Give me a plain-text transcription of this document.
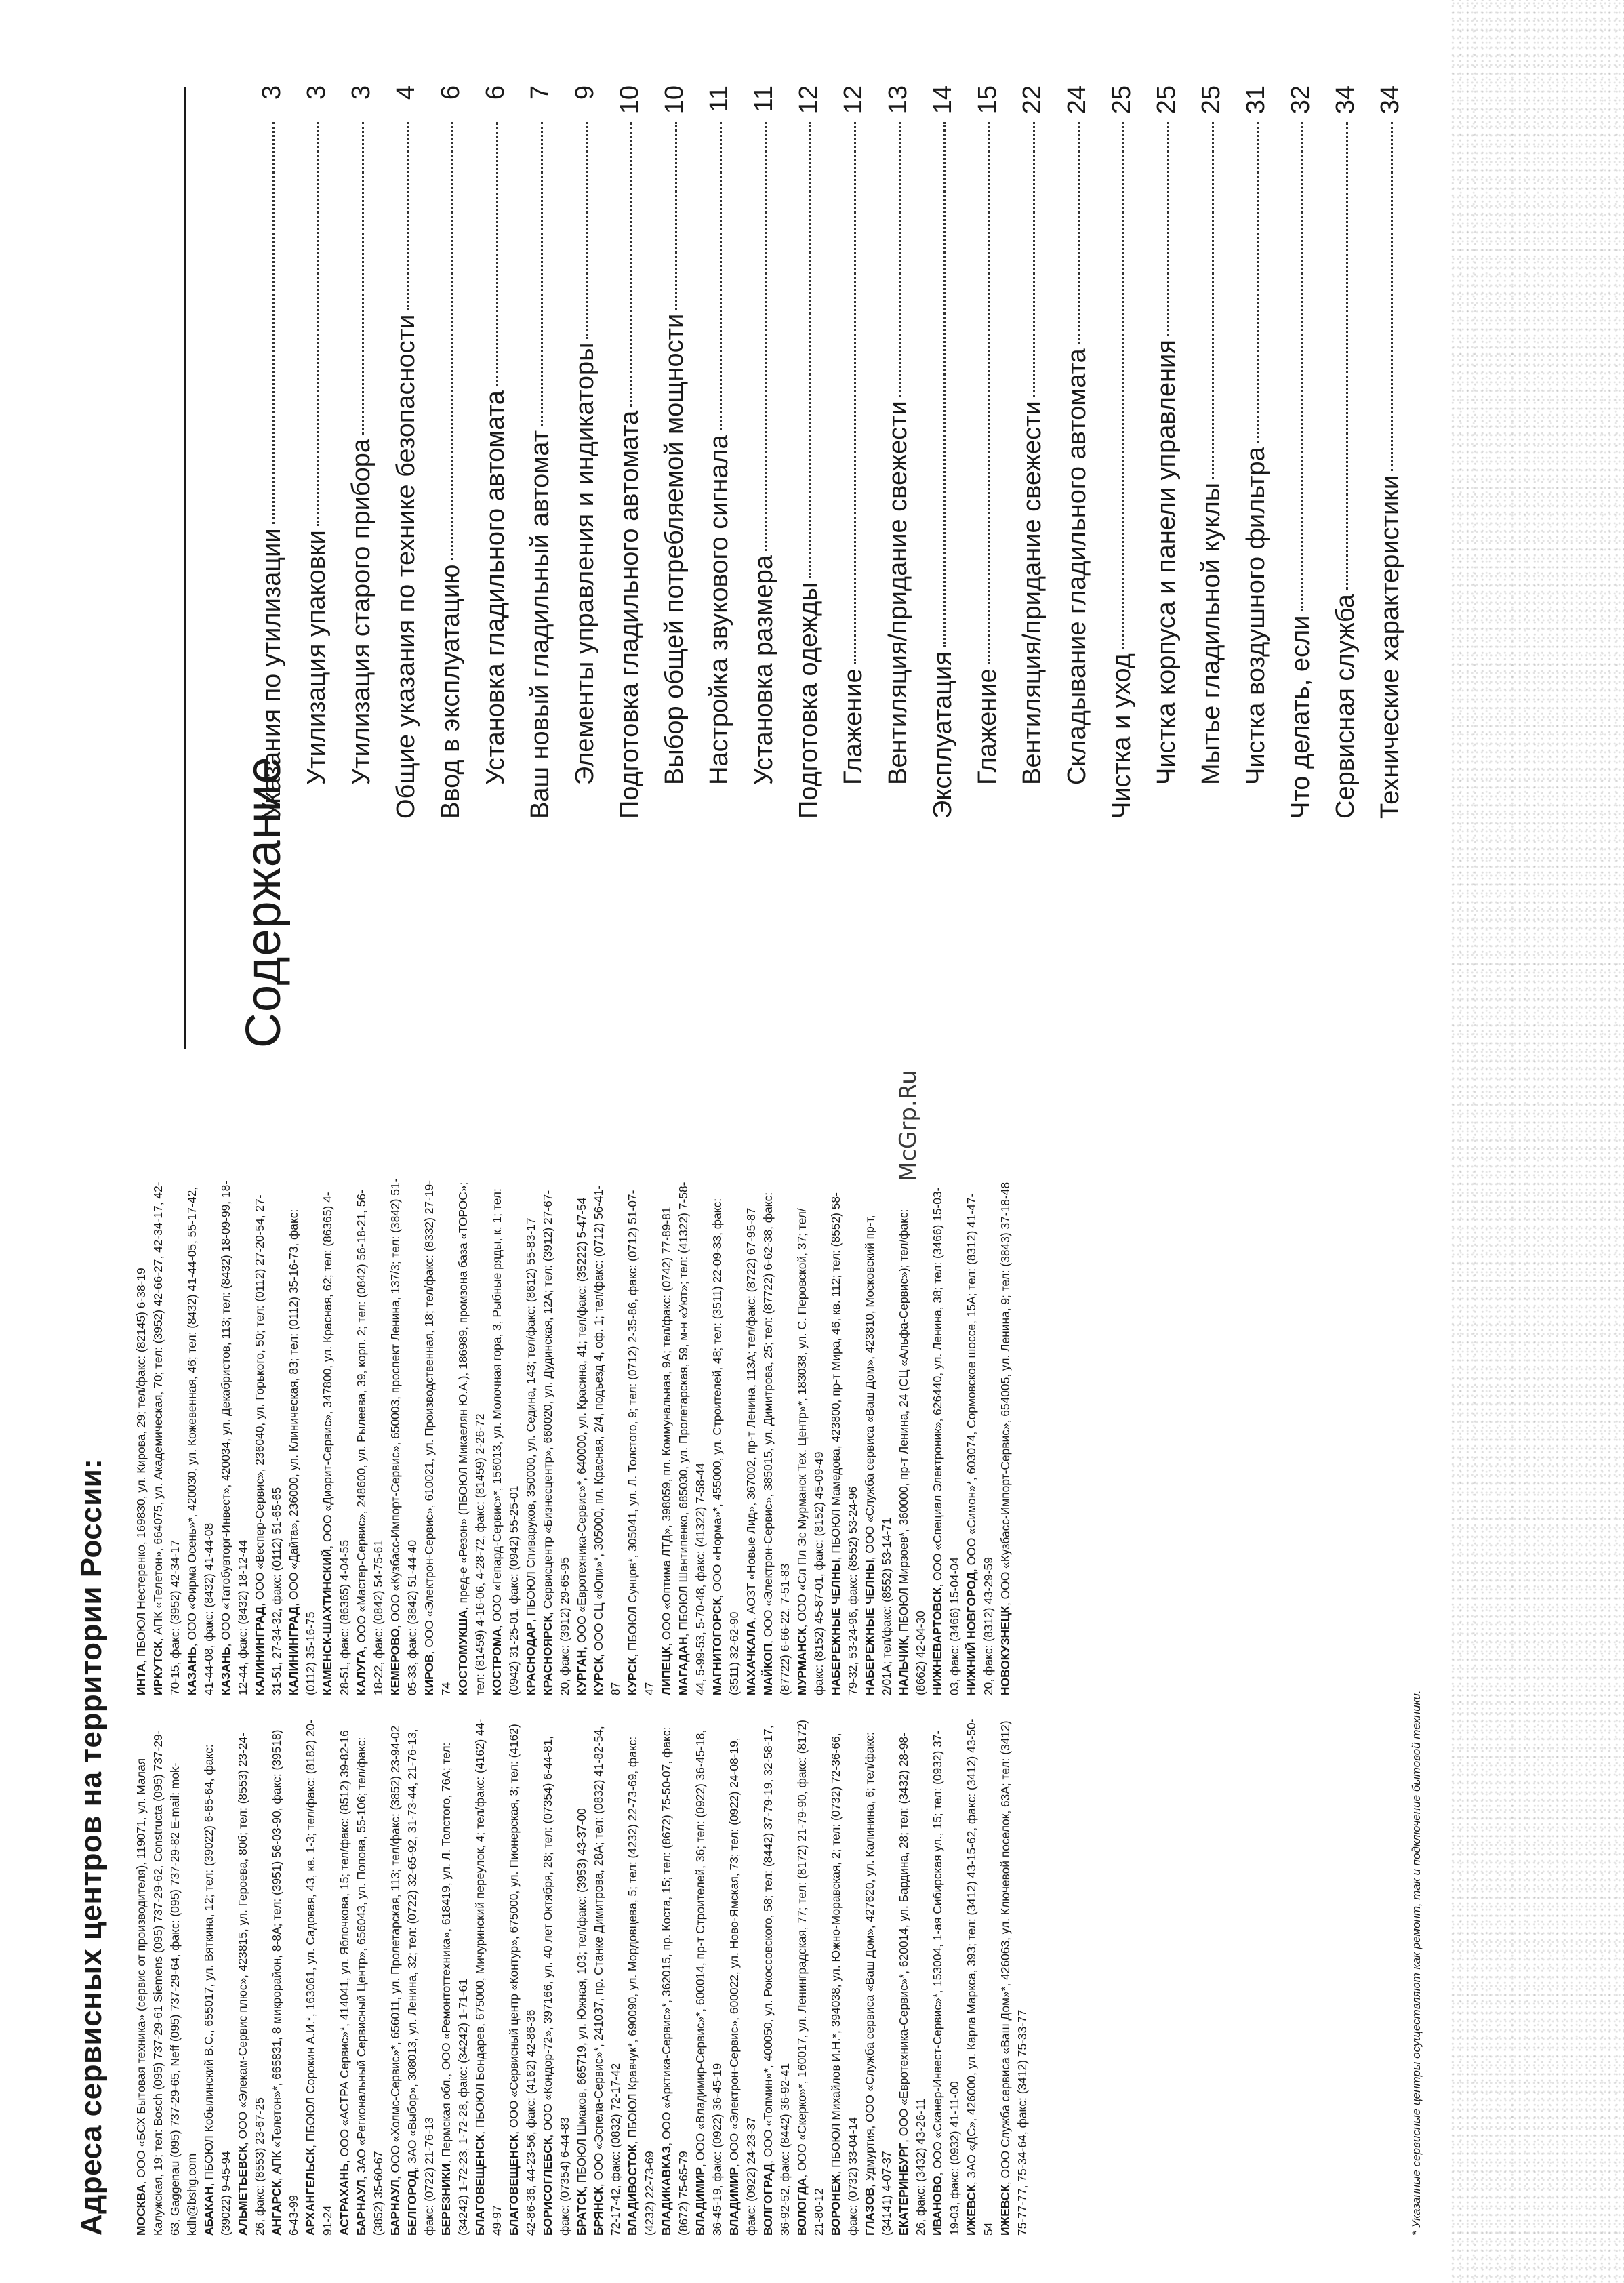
Адреса сервисных центров на территории России: МОСКВА, ООО «БСХ Бытовая техника» (сервис от производителя), 119071, ул. Малая Калужская, 19; тел: Bosch (095) 737-29-61 Siemens (095) 737-29-62, Constructa (095) 737-29-63, Gaggenau (095) 737-29-65, Neff (095) 737-29-64, факс: (095) 737-29-82 E-mail: mok-kdh@bshg.com АБАКАН, ПБОЮЛ Кобылинский В.С., 655017, ул. Вяткина, 12; тел: (39022) 6-65-64, факс: (39022) 9-45-94 АЛЬМЕТЬЕВСК, ООО «Элекам-Сервис плюс», 423815, ул. Героева, 80б; тел: (8553) 23-24-26, факс: (8553) 23-67-25 АНГАРСК, АПК «Телетон»*, 665831, 8 микрорайон, 8-8А; тел: (3951) 56-03-90, факс: (39518) 6-43-99 АРХАНГЕЛЬСК, ПБОЮЛ Сорокин А.И.*, 163061, ул. Садовая, 43, кв. 1-3; тел/факс: (8182) 20-91-24 АСТРАХАНЬ, ООО «АСТРА Сервис»*, 414041, ул. Яблочкова, 15; тел/факс: (8512) 39-82-16

БАРНАУЛ, ЗАО «Региональный Сервисный Центр», 656043, ул. Попова, 55-106; тел/факс: (3852) 35-60-67 БАРНАУЛ, ООО «Холмс-Сервис»*, 656011, ул. Пролетарская, 113; тел/факс: (3852) 23-94-02

БЕЛГОРОД, ЗАО «Выбор», 308013, ул. Ленина, 32; тел: (0722) 32-65-92, 31-73-44, 21-76-13, факс: (0722) 21-76-13 БЕРЕЗНИКИ, Пермская обл., ООО «Ремонтоттехника», 618419, ул. Л. Толстого, 76А; тел: (34242) 1-72-23, 1-72-28, факс: (34242) 1-71-61 БЛАГОВЕЩЕНСК, ПБОЮЛ Бондарев, 675000, Мичуринский переулок, 4; тел/факс: (4162) 44-49-97 БЛАГОВЕЩЕНСК, ООО «Сервисный центр «Контур», 675000, ул. Пионерская, 3; тел: (4162) 42-86-36, 44-23-56, факс: (4162) 42-86-36 БОРИСОГЛЕБСК, ООО «Кондор-72», 397166, ул. 40 лет Октября, 28; тел: (07354) 6-44-81, факс: (07354) 6-44-83 БРАТСК, ПБОЮЛ Шмаков, 665719, ул. Южная, 103; тел/факс: (3953) 43-37-00

БРЯНСК, ООО «Эспела-Сервис»*, 241037, пр. Станке Димитрова, 28А; тел: (0832) 41-82-54, 72-17-42, факс: (0832) 72-17-42 ВЛАДИВОСТОК, ПБОЮЛ Кравчук*, 690090, ул. Мордовцева, 5; тел: (4232) 22-73-69, факс: (4232) 22-73-69 ВЛАДИКАВКАЗ, ООО «Арктика-Сервис»*, 362015, пр. Коста, 15; тел: (8672) 75-50-07, факс: (8672) 75-65-79 ВЛАДИМИР, ООО «Владимир-Сервис»*, 600014, пр-т Строителей, 36; тел: (0922) 36-45-18, 36-45-19, факс: (0922) 36-45-19 ВЛАДИМИР, ООО «Электрон-Сервис», 600022, ул. Ново-Ямская, 73; тел: (0922) 24-08-19, факс: (0922) 24-23-37 ВОЛГОГРАД, ООО «Топмин»*, 400050, ул. Рокоссовского, 58; тел: (8442) 37-79-19, 32-58-17, 36-92-52, факс: (8442) 36-92-41 ВОЛОГДА, ООО «Скерко»*, 160017, ул. Ленинградская, 77; тел: (8172) 21-79-90, факс: (8172) 21-80-12 ВОРОНЕЖ, ПБОЮЛ Михайлов И.Н.*, 394038, ул. Южно-Моравская, 2; тел: (0732) 72-36-66, факс: (0732) 33-04-14 ГЛАЗОВ, Удмуртия, ООО «Служба сервиса «Ваш Дом», 427620, ул. Калинина, 6; тел/факс: (34141) 4-07-37 ЕКАТЕРИНБУРГ, ООО «Евротехника-Сервис»*, 620014, ул. Бардина, 28; тел: (3432) 28-98-26, факс: (3432) 43-26-11 ИВАНОВО, ООО «Сканер-Инвест-Сервис»*, 153004, 1-ая Сибирская ул., 15; тел: (0932) 37-19-03, факс: (0932) 41-11-00 ИЖЕВСК, ЗАО «ДС», 426000, ул. Карла Маркса, 393; тел: (3412) 43-15-62, факс: (3412) 43-50-54 ИЖЕВСК, ООО Служба сервиса «Ваш Дом»*, 426063, ул. Ключевой поселок, 63А; тел: (3412) 75-77-77, 75-34-64, факс: (3412) 75-33-77

ИНТА, ПБОЮЛ Нестеренко, 169830, ул. Кирова, 29; тел/факс: (82145) 6-38-19

ИРКУТСК, АПК «Телетон», 664075, ул. Академическая, 70; тел: (3952) 42-66-27, 42-34-17, 42-70-15, факс: (3952) 42-34-17 КАЗАНЬ, ООО «Фирма Осень»*, 420030, ул. Кожевенная, 46; тел: (8432) 41-44-05, 55-17-42, 41-44-08, факс: (8432) 41-44-08 КАЗАНЬ, ООО «Татобувторг-Инвест», 420034, ул. Декабристов, 113; тел: (8432) 18-09-99, 18-12-44, факс: (8432) 18-12-44 КАЛИНИНГРАД, ООО «Веспер-Сервис», 236040, ул. Горького, 50; тел: (0112) 27-20-54, 27-31-51, 27-34-32, факс: (0112) 51-65-65 КАЛИНИНГРАД, ООО «Дайта», 236000, ул. Клиническая, 83; тел: (0112) 35-16-73, факс: (0112) 35-16-75 КАМЕНСК-ШАХТИНСКИЙ, ООО «Диорит-Сервис», 347800, ул. Красная, 62; тел: (86365) 4-28-51, факс: (86365) 4-04-55 КАЛУГА, ООО «Мастер-Сервис», 248600, ул. Рылеева, 39, корп. 2; тел: (0842) 56-18-21, 56-18-22, факс: (0842) 54-75-61 КЕМЕРОВО, ООО «Кузбасс-Импорт-Сервис», 650003, проспект Ленина, 137/3; тел: (3842) 51-05-33, факс: (3842) 51-44-40 КИРОВ, ООО «Электрон-Сервис», 610021, ул. Производственная, 18; тел/факс: (8332) 27-19-74 КОСТОМУКША, пред-е «Резон» (ПБОЮЛ Микаелян Ю.А.), 186989, промзона база «ТОРОС»; тел: (81459) 4-16-06, 4-28-72, факс: (81459) 2-26-72 КОСТРОМА, ООО «Гепард-Сервис»*, 156013, ул. Молочная гора, 3, Рыбные ряды, к. 1; тел: (0942) 31-25-01, факс: (0942) 55-25-01 КРАСНОДАР, ПБОЮЛ Спиваруков, 350000, ул. Седина, 143; тел/факс: (8612) 55-83-17

КРАСНОЯРСК, Сервисцентр «Бизнесцентр», 660020, ул. Дудинская, 12А; тел: (3912) 27-67-20, факс: (3912) 29-65-95 КУРГАН, ООО «Евротехника-Сервис»*, 640000, ул. Красина, 41; тел/факс: (35222) 5-47-54

КУРСК, ООО СЦ «Юпи»*, 305000, пл. Красная, 2/4, подъезд 4, оф. 1; тел/факс: (0712) 56-41-87 КУРСК, ПБОЮЛ Сунцов*, 305041, ул. Л. Толстого, 9; тел: (0712) 2-35-86, факс: (0712) 51-07-47 ЛИПЕЦК, ООО «Оптима ЛТД», 398059, пл. Коммунальная, 9А; тел/факс: (0742) 77-89-81

МАГАДАН, ПБОЮЛ Шантипенко, 685030, ул. Пролетарская, 59, м-н «Уют»; тел: (41322) 7-58-44, 5-99-53, 5-70-48, факс: (41322) 7-58-44 МАГНИТОГОРСК, ООО «Норма»*, 455000, ул. Строителей, 48; тел: (3511) 22-09-33, факс: (3511) 32-62-90 МАХАЧКАЛА, АОЗТ «Новые Лид», 367002, пр-т Ленина, 113А; тел/факс: (8722) 67-95-87

МАЙКОП, ООО «Электрон-Сервис», 385015, ул. Димитрова, 25; тел: (87722) 6-62-38, факс: (87722) 6-66-22, 7-51-83 МУРМАНСК, ООО «Сл Пл Эс Мурманск Тех. Центр»*, 183038, ул. С. Перовской, 37; тел/факс: (8152) 45-87-01, факс: (8152) 45-09-49 НАБЕРЕЖНЫЕ ЧЕЛНЫ, ПБОЮЛ Мамедова, 423800, пр-т Мира, 46, кв. 112; тел: (8552) 58-79-32, 53-24-96, факс: (8552) 53-24-96 НАБЕРЕЖНЫЕ ЧЕЛНЫ, ООО «Служба сервиса «Ваш Дом», 423810, Московский пр-т, 2/01А; тел/факс: (8552) 53-14-71 НАЛЬЧИК, ПБОЮЛ Мирзоев*, 360000, пр-т Ленина, 24 (СЦ «Альфа-Сервис»); тел/факс: (8662) 42-04-30 НИЖНЕВАРТОВСК, ООО «Специал Электроник», 626440, ул. Ленина, 38; тел: (3466) 15-03-03, факс: (3466) 15-04-04 НИЖНИЙ НОВГОРОД, ООО «Симон»*, 603074, Сормовское шоссе, 15А; тел: (8312) 41-47-20, факс: (8312) 43-29-59 НОВОКУЗНЕЦК, ООО «Кузбасс-Импорт-Сервис», 654005, ул. Ленина, 9; тел: (3843) 37-18-48

* Указанные сервисные центры осуществляют как ремонт, так и подключение бытовой техники.
McGrp.Ru
Содержание
Указания по утилизации
3
Утилизация упаковки
3
Утилизация старого прибора
3
Общие указания по технике безопасности
4
Ввод в эксплуатацию
6
Установка гладильного автомата
6
Ваш новый гладильный автомат
7
Элементы управления и индикаторы
9
Подготовка гладильного автомата
10
Выбор общей потребляемой мощности
10
Настройка звукового сигнала
11
Установка размера
11
Подготовка одежды
12
Глажение
12
Вентиляция/придание свежести
13
Эксплуатация
14
Глажение
15
Вентиляция/придание свежести
22
Складывание гладильного автомата
24
Чистка и уход
25
Чистка корпуса и панели управления
25
Мытье гладильной куклы
25
Чистка воздушного фильтра
31
Что делать, если
32
Сервисная служба
34
Технические характеристики
34
